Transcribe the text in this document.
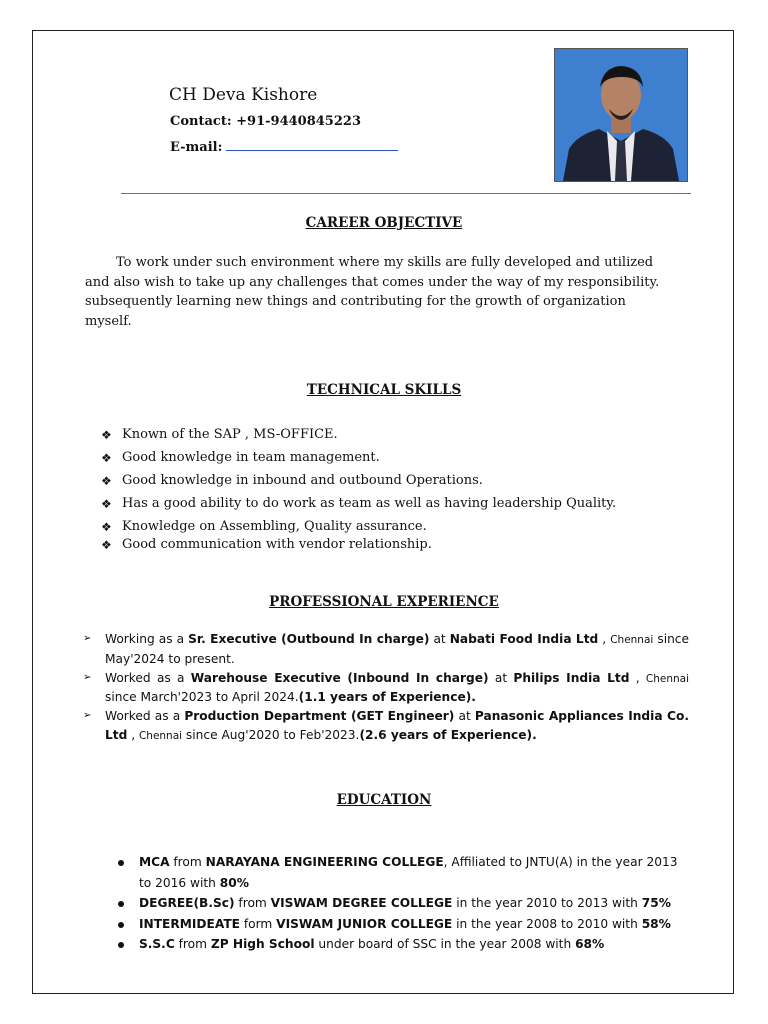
CH Deva Kishore
Contact: +91-9440845223
E-mail:
CAREER OBJECTIVE
To work under such environment where my skills are fully developed and utilized and also wish to take up any challenges that comes under the way of my responsibility. subsequently learning new things and contributing for the growth of organization myself.
TECHNICAL SKILLS
❖ Known of the SAP , MS-OFFICE.
❖ Good knowledge in team management.
❖ Good knowledge in inbound and outbound Operations.
❖ Has a good ability to do work as team as well as having leadership Quality.
❖ Knowledge on Assembling, Quality assurance.
❖ Good communication with vendor relationship.
PROFESSIONAL EXPERIENCE
➢ Working as a Sr. Executive (Outbound In charge) at Nabati Food India Ltd , Chennai since May'2024 to present.
➢ Worked as a Warehouse Executive (Inbound In charge) at Philips India Ltd , Chennai since March'2023 to April 2024.(1.1 years of Experience).
➢ Worked as a Production Department (GET Engineer) at Panasonic Appliances India Co. Ltd , Chennai since Aug'2020 to Feb'2023.(2.6 years of Experience).
EDUCATION
MCA from NARAYANA ENGINEERING COLLEGE, Affiliated to JNTU(A) in the year 2013 to 2016 with 80%
DEGREE(B.Sc) from VISWAM DEGREE COLLEGE in the year 2010 to 2013 with 75%
INTERMIDEATE form VISWAM JUNIOR COLLEGE in the year 2008 to 2010 with 58%
S.S.C from ZP High School under board of SSC in the year 2008 with 68%
